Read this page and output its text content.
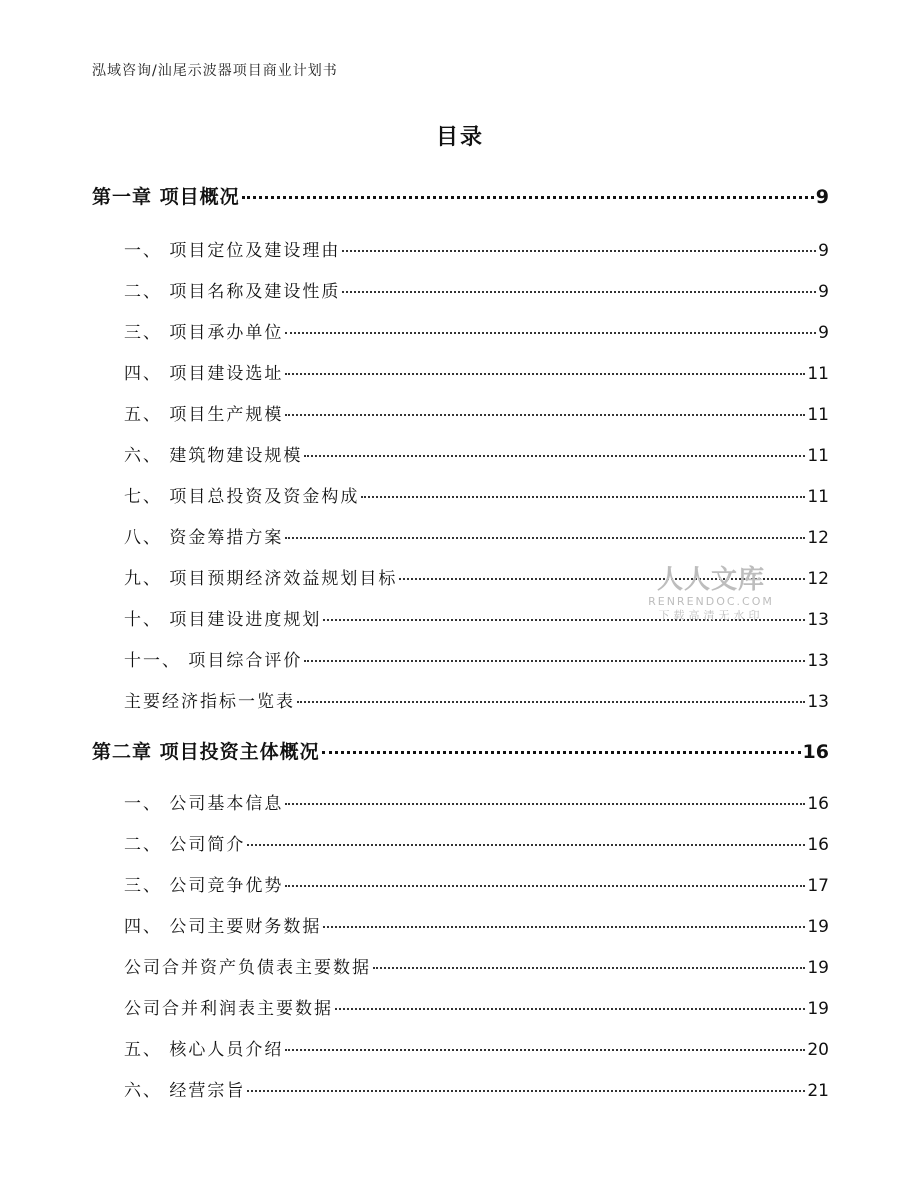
泓域咨询/汕尾示波器项目商业计划书
目录
第一章 项目概况	9
一、 项目定位及建设理由	9
二、 项目名称及建设性质	9
三、 项目承办单位	9
四、 项目建设选址	11
五、 项目生产规模	11
六、 建筑物建设规模	11
七、 项目总投资及资金构成	11
八、 资金筹措方案	12
九、 项目预期经济效益规划目标	12
十、 项目建设进度规划	13
十一、 项目综合评价	13
主要经济指标一览表	13
第二章 项目投资主体概况	16
一、 公司基本信息	16
二、 公司简介	16
三、 公司竞争优势	17
四、 公司主要财务数据	19
公司合并资产负债表主要数据	19
公司合并利润表主要数据	19
五、 核心人员介绍	20
六、 经营宗旨	21
人人文库
RENRENDOC.COM
下载高清无水印
